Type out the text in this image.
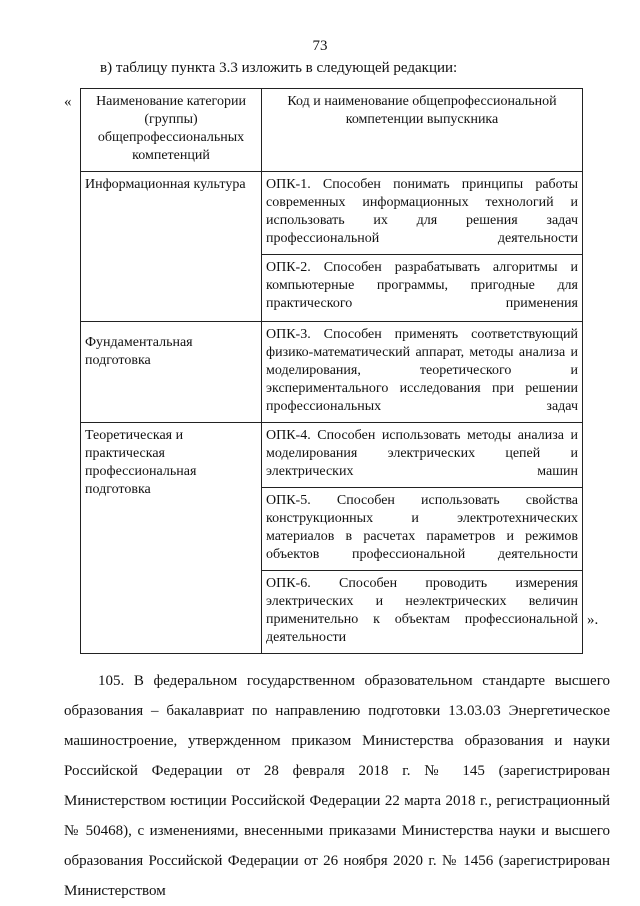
73
в) таблицу пункта 3.3 изложить в следующей редакции:
« Наименование категории (группы) общепрофессиональных компетенций	Код и наименование общепрофессиональной компетенции выпускника
Информационная культура	ОПК-1. Способен понимать принципы работы современных информационных технологий и использовать их для решения задач профессиональной деятельности
	ОПК-2. Способен разрабатывать алгоритмы и компьютерные программы, пригодные для практического применения
Фундаментальная подготовка	ОПК-3. Способен применять соответствующий физико-математический аппарат, методы анализа и моделирования, теоретического и экспериментального исследования при решении профессиональных задач
Теоретическая и практическая профессиональная подготовка	ОПК-4. Способен использовать методы анализа и моделирования электрических цепей и электрических машин
	ОПК-5. Способен использовать свойства конструкционных и электротехнических материалов в расчетах параметров и режимов объектов профессиональной деятельности
	ОПК-6. Способен проводить измерения электрических и неэлектрических величин применительно к объектам профессиональной деятельности
».
105. В федеральном государственном образовательном стандарте высшего образования – бакалавриат по направлению подготовки 13.03.03 Энергетическое машиностроение, утвержденном приказом Министерства образования и науки Российской Федерации от 28 февраля 2018 г. № 145 (зарегистрирован Министерством юстиции Российской Федерации 22 марта 2018 г., регистрационный № 50468), с изменениями, внесенными приказами Министерства науки и высшего образования Российской Федерации от 26 ноября 2020 г. № 1456 (зарегистрирован Министерством
